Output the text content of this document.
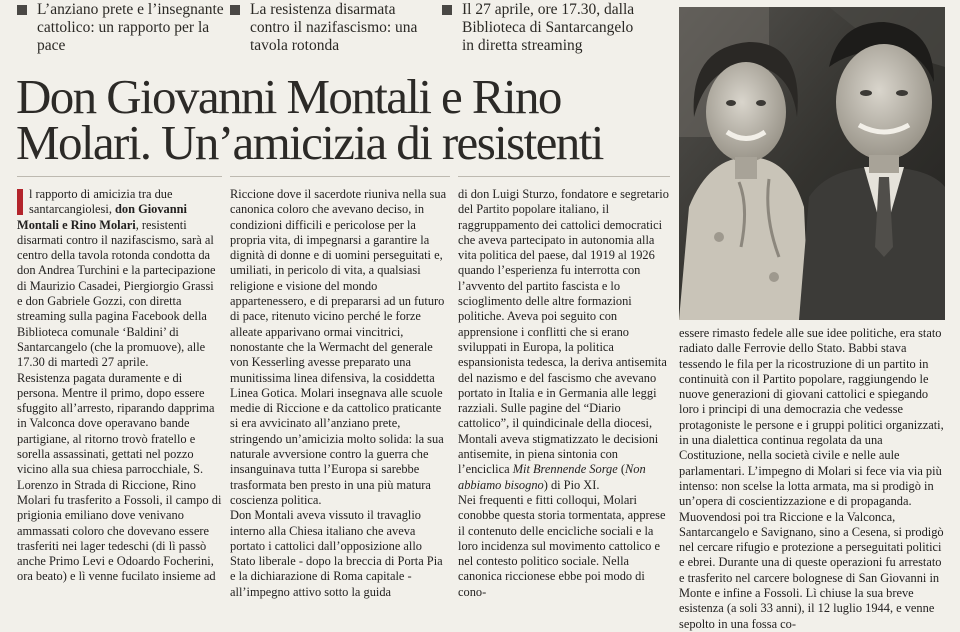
L’anziano prete e l’insegnante cattolico: un rapporto per la pace
La resistenza disarmata contro il nazifascismo: una tavola rotonda
Il 27 aprile, ore 17.30, dalla Biblioteca di Santarcangelo in diretta streaming
Don Giovanni Montali e Rino Molari. Un’amicizia di resistenti

l rapporto di amicizia tra due santarcangiolesi, don Giovanni Montali e Rino Molari, resistenti disarmati contro il nazifascismo, sarà al centro della tavola rotonda condotta da don Andrea Turchini e la partecipazione di Maurizio Casadei, Piergiorgio Grassi e don Gabriele Gozzi, con diretta streaming sulla pagina Facebook della Biblioteca comunale ‘Baldini’ di Santarcangelo (che la promuove), alle 17.30 di martedì 27 aprile.

Resistenza pagata duramente e di persona. Mentre il primo, dopo essere sfuggito all’arresto, riparando dapprima in Valconca dove operavano bande partigiane, al ritorno trovò fratello e sorella assassinati, gettati nel pozzo vicino alla sua chiesa parrocchiale, S. Lorenzo in Strada di Riccione, Rino Molari fu trasferito a Fossoli, il campo di prigionia emiliano dove venivano ammassati coloro che dovevano essere trasferiti nei lager tedeschi (di lì passò anche Primo Levi e Odoardo Focherini, ora beato) e lì venne fucilato insieme ad

Riccione dove il sacerdote riuniva nella sua canonica coloro che avevano deciso, in condizioni difficili e pericolose per la propria vita, di impegnarsi a garantire la dignità di donne e di uomini perseguitati e, umiliati, in pericolo di vita, a qualsiasi religione e visione del mondo appartenessero, e di prepararsi ad un futuro di pace, ritenuto vicino perché le forze alleate apparivano ormai vincitrici, nonostante che la Wermacht del generale von Kesserling avesse preparato una munitissima linea difensiva, la cosiddetta Linea Gotica. Molari insegnava alle scuole medie di Riccione e da cattolico praticante si era avvicinato all’anziano prete, stringendo un’amicizia molto solida: la sua naturale avversione contro la guerra che insanguinava tutta l’Europa si sarebbe trasformata ben presto in una più matura coscienza politica.

Don Montali aveva vissuto il travaglio interno alla Chiesa italiano che aveva portato i cattolici dall’opposizione allo Stato liberale - dopo la breccia di Porta Pia e la dichiarazione di Roma capitale - all’impegno attivo sotto la guida

di don Luigi Sturzo, fondatore e segretario del Partito popolare italiano, il raggruppamento dei cattolici democratici che aveva partecipato in autonomia alla vita politica del paese, dal 1919 al 1926 quando l’esperienza fu interrotta con l’avvento del partito fascista e lo scioglimento delle altre formazioni politiche. Aveva poi seguito con apprensione i conflitti che si erano sviluppati in Europa, la politica espansionista tedesca, la deriva antisemita del nazismo e del fascismo che avevano portato in Italia e in Germania alle leggi razziali. Sulle pagine del “Diario cattolico”, il quindicinale della diocesi, Montali aveva stigmatizzato le decisioni antisemite, in piena sintonia con l’enciclica Mit Brennende Sorge (Non abbiamo bisogno) di Pio XI.

Nei frequenti e fitti colloqui, Molari conobbe questa storia tormentata, apprese il contenuto delle encicliche sociali e la loro incidenza sul movimento cattolico e nel contesto politico sociale. Nella canonica riccionese ebbe poi modo di cono-

essere rimasto fedele alle sue idee politiche, era stato radiato dalle Ferrovie dello Stato. Babbi stava tessendo le fila per la ricostruzione di un partito in continuità con il Partito popolare, raggiungendo le nuove generazioni di giovani cattolici e spiegando loro i principi di una democrazia che vedesse protagoniste le persone e i gruppi politici organizzati, in una dialettica continua regolata da una Costituzione, nella società civile e nelle aule parlamentari. L’impegno di Molari si fece via via più intenso: non scelse la lotta armata, ma si prodigò in un’opera di coscientizzazione e di propaganda. Muovendosi poi tra Riccione e la Valconca, Santarcangelo e Savignano, sino a Cesena, si prodigò nel cercare rifugio e protezione a perseguitati politici e ebrei. Durante una di queste operazioni fu arrestato e trasferito nel carcere bolognese di San Giovanni in Monte e infine a Fossoli. Lì chiuse la sua breve esistenza (a soli 33 anni), il 12 luglio 1944, e venne sepolto in una fossa co-
